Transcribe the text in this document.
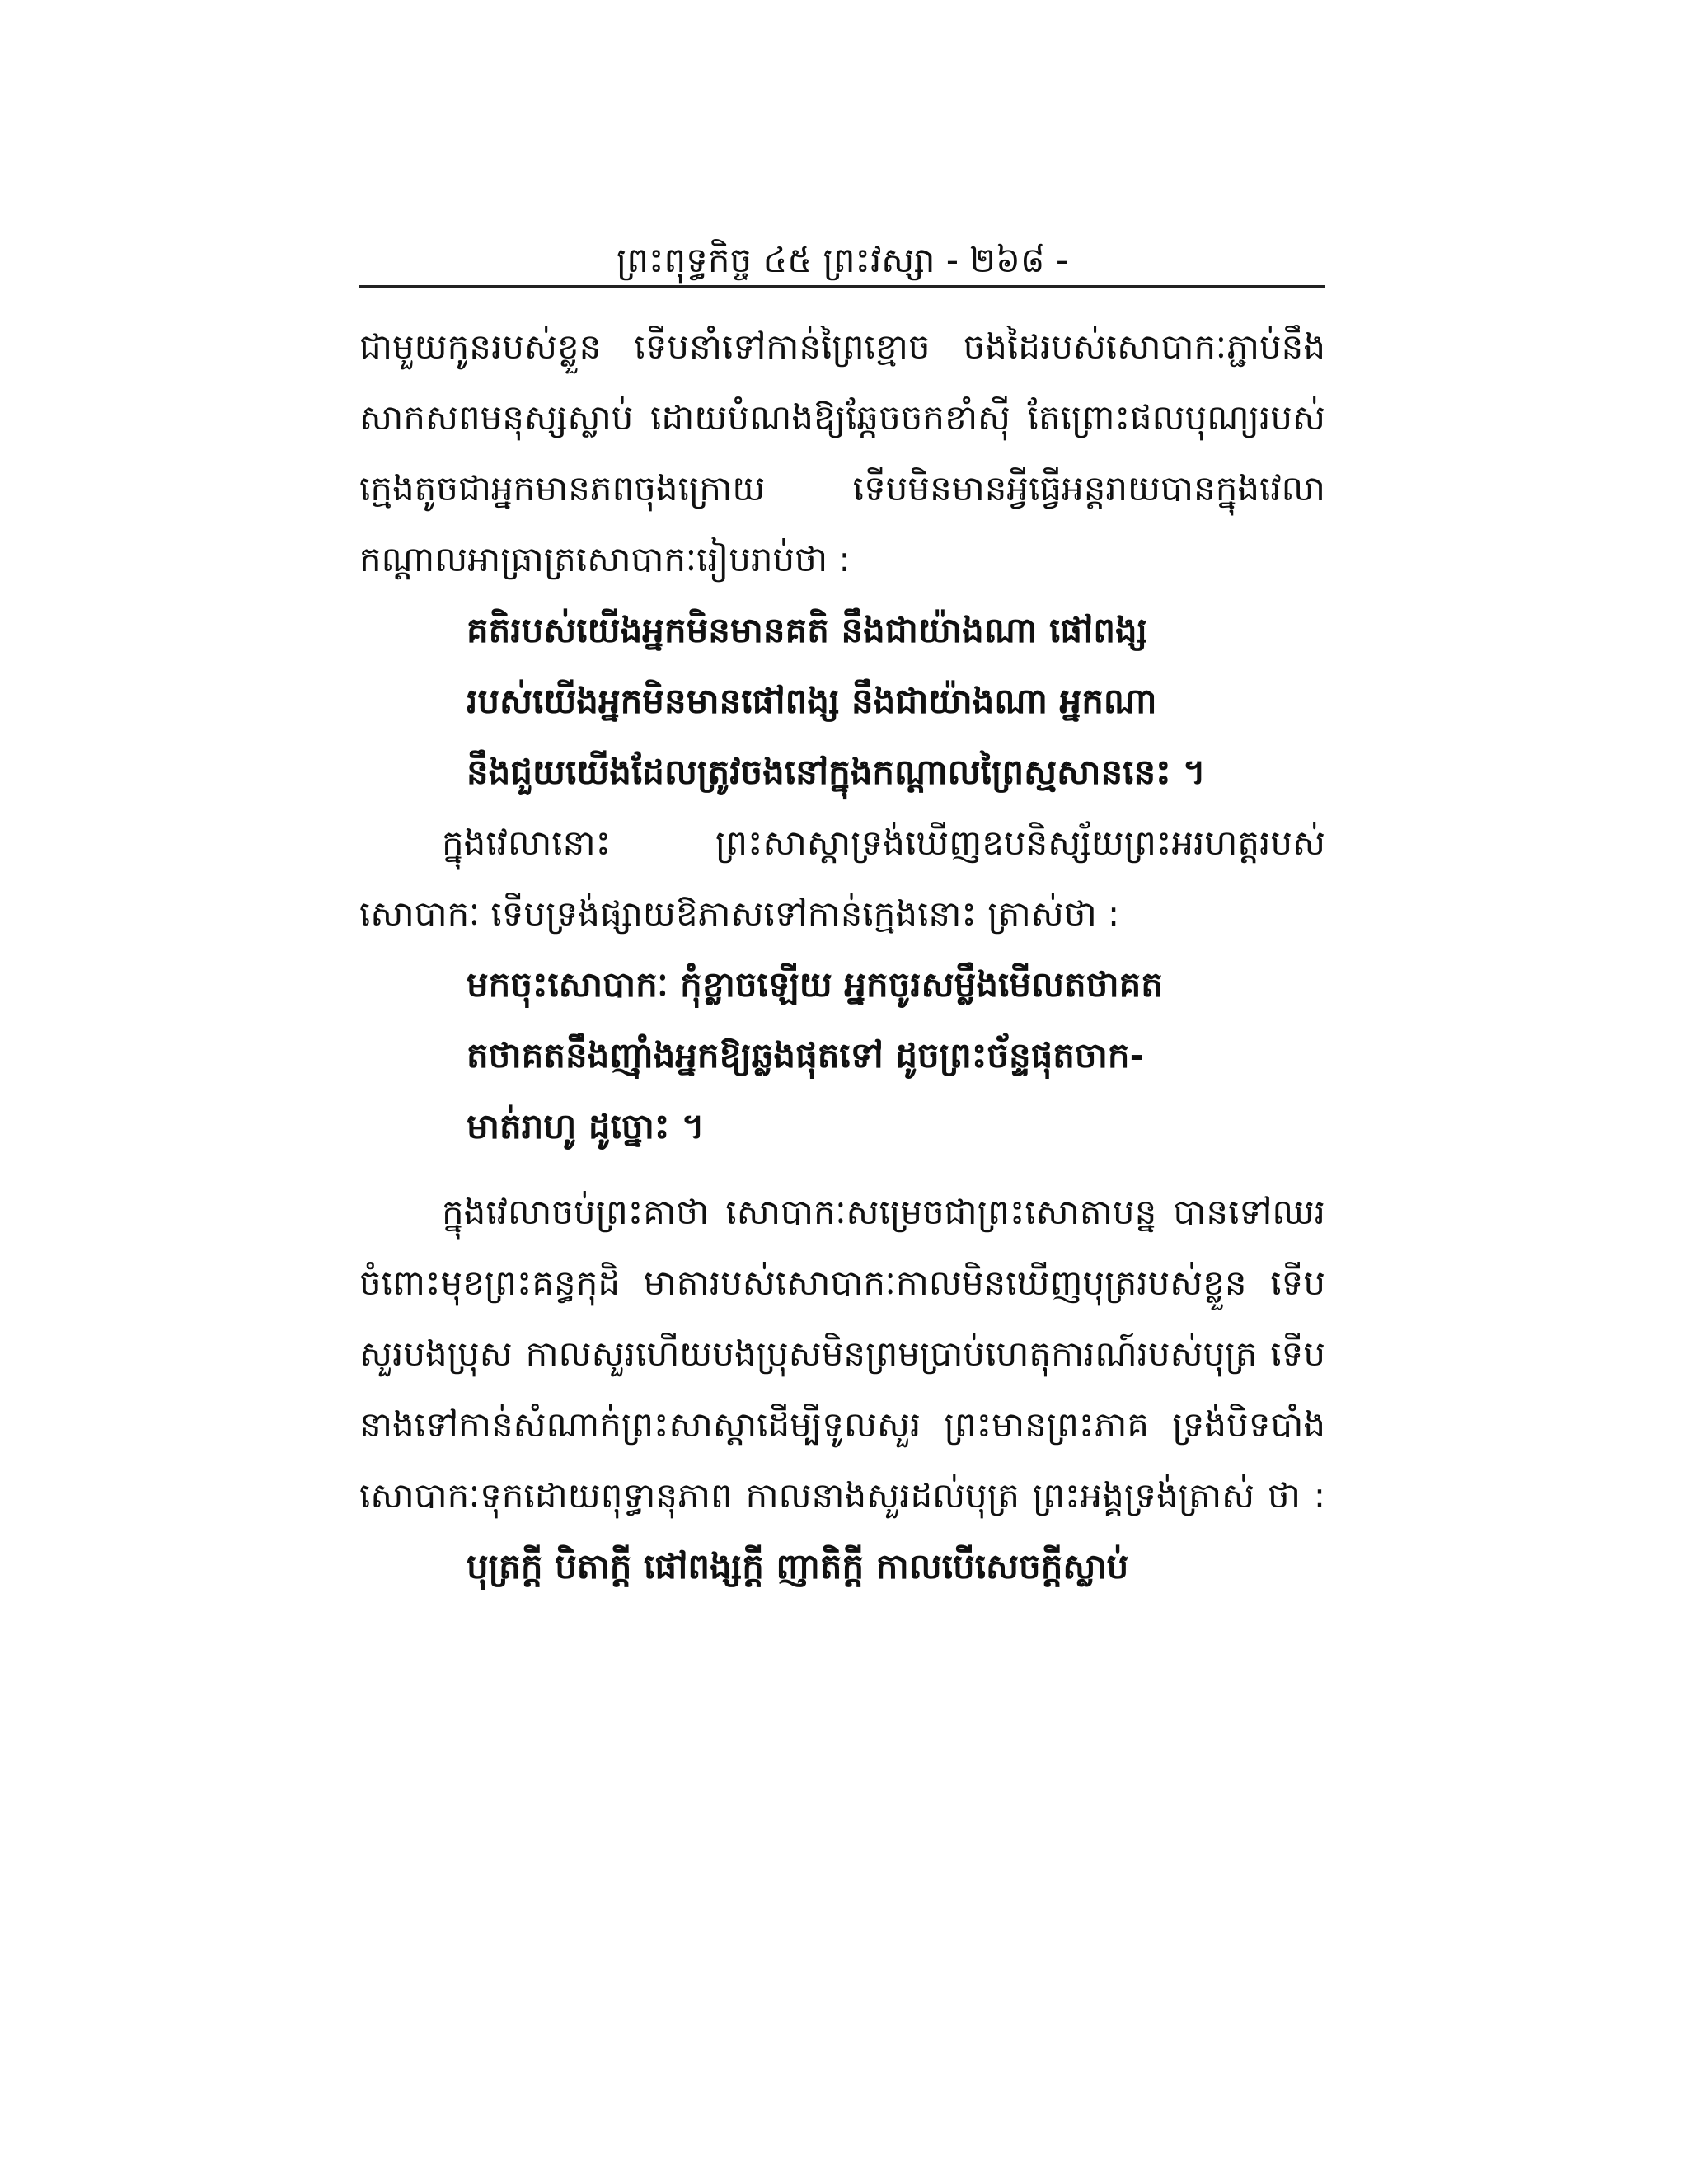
ព្រះពុទ្ធកិច្ច ៤៥ ព្រះវស្សា - ២៦៨ -
ជាមួយកូនរបស់ខ្លួន ទើបនាំទៅកាន់ព្រៃខ្មោច ចងដៃរបស់សោបាកៈភ្ជាប់នឹង
សាកសពមនុស្សស្លាប់ ដោយបំណងឱ្យឆ្កែចចកខាំស៊ី តែព្រោះផលបុណ្យរបស់
ក្មេងតូចជាអ្នកមានភពចុងក្រោយ ទើបមិនមានអ្វីធ្វើអន្តរាយបានក្នុងវេលា
កណ្តាលអាធ្រាត្រសោបាកៈរៀបរាប់ថា :
គតិរបស់យើងអ្នកមិនមានគតិ នឹងជាយ៉ាងណា ផៅពង្ស
របស់យើងអ្នកមិនមានផៅពង្ស នឹងជាយ៉ាងណា អ្នកណា
នឹងជួយយើងដែលត្រូវចងនៅក្នុងកណ្តាលព្រៃស្មសាននេះ ។
ក្នុងវេលានោះ ព្រះសាស្តាទ្រង់ឃើញឧបនិស្ស័យព្រះអរហត្តរបស់
សោបាកៈ ទើបទ្រង់ផ្សាយឱភាសទៅកាន់ក្មេងនោះ ត្រាស់ថា :
មកចុះសោបាកៈ កុំខ្លាចឡើយ អ្នកចូរសម្លឹងមើលតថាគត
តថាគតនឹងញ៉ាំងអ្នកឱ្យឆ្លងផុតទៅ ដូចព្រះច័ន្ទផុតចាក-
មាត់រាហូ ដូច្នោះ ។
ក្នុងវេលាចប់ព្រះគាថា សោបាកៈសម្រេចជាព្រះសោតាបន្ន បានទៅឈរ
ចំពោះមុខព្រះគន្ធកុដិ មាតារបស់សោបាកៈកាលមិនឃើញបុត្ររបស់ខ្លួន ទើប
សួរបងប្រុស កាលសួរហើយបងប្រុសមិនព្រមប្រាប់ហេតុការណ៍របស់បុត្រ ទើប
នាងទៅកាន់សំណាក់ព្រះសាស្តាដើម្បីទូលសួរ ព្រះមានព្រះភាគ ទ្រង់បិទបាំង
សោបាកៈទុកដោយពុទ្ធានុភាព កាលនាងសួរដល់បុត្រ ព្រះអង្គទ្រង់ត្រាស់ ថា :
បុត្រក្តី បិតាក្តី ផៅពង្សក្តី ញាតិក្តី កាលបើសេចក្តីស្លាប់
